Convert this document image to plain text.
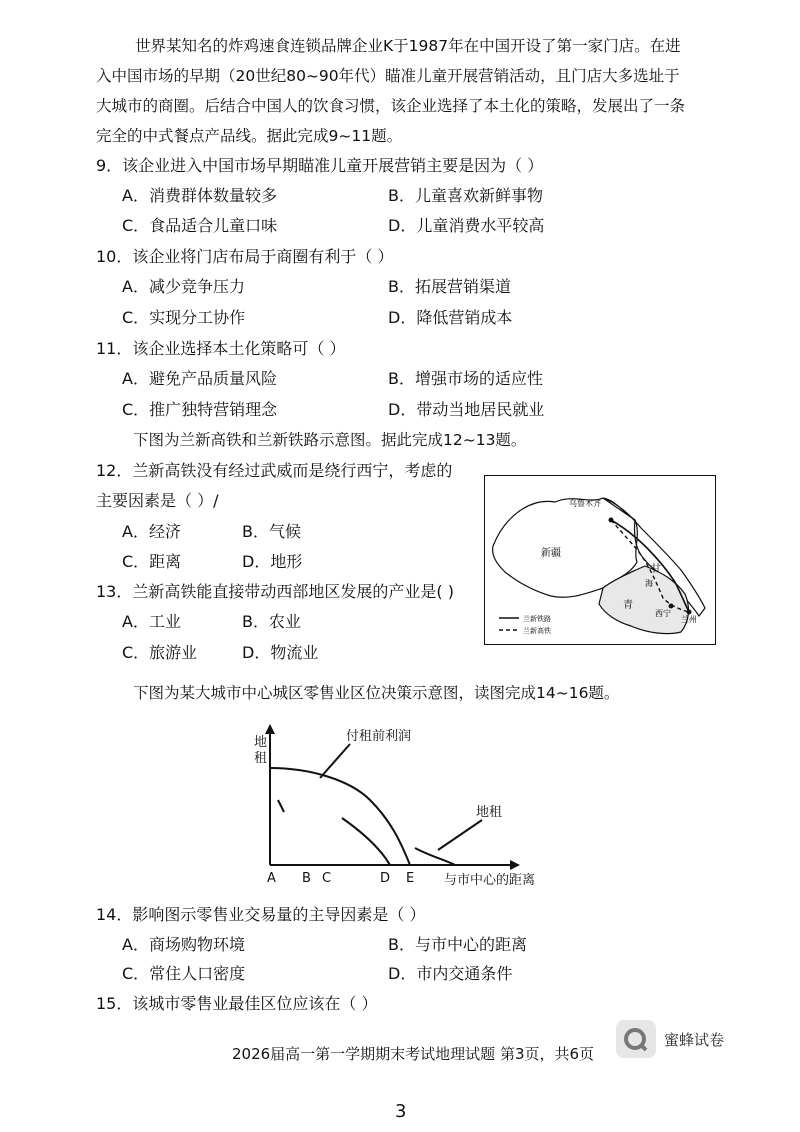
世界某知名的炸鸡速食连锁品牌企业K于1987年在中国开设了第一家门店。在进
入中国市场的早期（20世纪80~90年代）瞄准儿童开展营销活动，且门店大多选址于
大城市的商圈。后结合中国人的饮食习惯，该企业选择了本土化的策略，发展出了一条
完全的中式餐点产品线。据此完成9~11题。
9．该企业进入中国市场早期瞄准儿童开展营销主要是因为（ ）
A．消费群体数量较多	B．儿童喜欢新鲜事物
C．食品适合儿童口味	D．儿童消费水平较高
10．该企业将门店布局于商圈有利于（ ）
A．减少竞争压力	B．拓展营销渠道
C．实现分工协作	D．降低营销成本
11．该企业选择本土化策略可（ ）
A．避免产品质量风险	B．增强市场的适应性
C．推广独特营销理念	D．带动当地居民就业
下图为兰新高铁和兰新铁路示意图。据此完成12~13题。
12．兰新高铁没有经过武威而是绕行西宁，考虑的
主要因素是（ ）/
A．经济	B．气候
C．距离	D．地形
13．兰新高铁能直接带动西部地区发展的产业是( )
A．工业	B．农业
C．旅游业	D．物流业
乌鲁木齐
新疆
甘
青
西宁
兰州
海
兰新铁路
兰新高铁
下图为某大城市中心城区零售业区位决策示意图，读图完成14~16题。
地
租
付租前利润
地租
A B C	D E 与市中心的距离
14．影响图示零售业交易量的主导因素是（ ）
A．商场购物环境	B．与市中心的距离
C．常住人口密度	D．市内交通条件
15．该城市零售业最佳区位应该在（ ）
蜜蜂试卷
2026届高一第一学期期末考试地理试题 第3页，共6页
3
